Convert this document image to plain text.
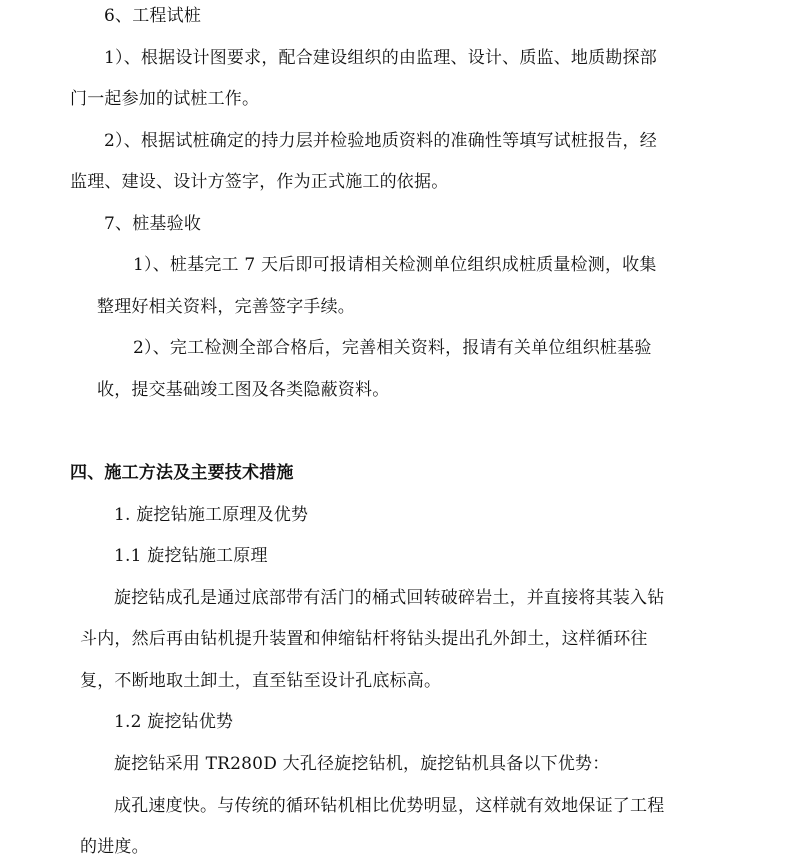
6、工程试桩
1）、根据设计图要求，配合建设组织的由监理、设计、质监、地质勘探部
门一起参加的试桩工作。
2）、根据试桩确定的持力层并检验地质资料的准确性等填写试桩报告，经
监理、建设、设计方签字，作为正式施工的依据。
7、桩基验收
1）、桩基完工 7 天后即可报请相关检测单位组织成桩质量检测，收集
整理好相关资料，完善签字手续。
2）、完工检测全部合格后，完善相关资料，报请有关单位组织桩基验
收，提交基础竣工图及各类隐蔽资料。
四、施工方法及主要技术措施
1. 旋挖钻施工原理及优势
1.1 旋挖钻施工原理
旋挖钻成孔是通过底部带有活门的桶式回转破碎岩土，并直接将其装入钻
斗内，然后再由钻机提升装置和伸缩钻杆将钻头提出孔外卸土，这样循环往
复，不断地取土卸土，直至钻至设计孔底标高。
1.2 旋挖钻优势
旋挖钻采用 TR280D 大孔径旋挖钻机，旋挖钻机具备以下优势：
成孔速度快。与传统的循环钻机相比优势明显，这样就有效地保证了工程
的进度。
